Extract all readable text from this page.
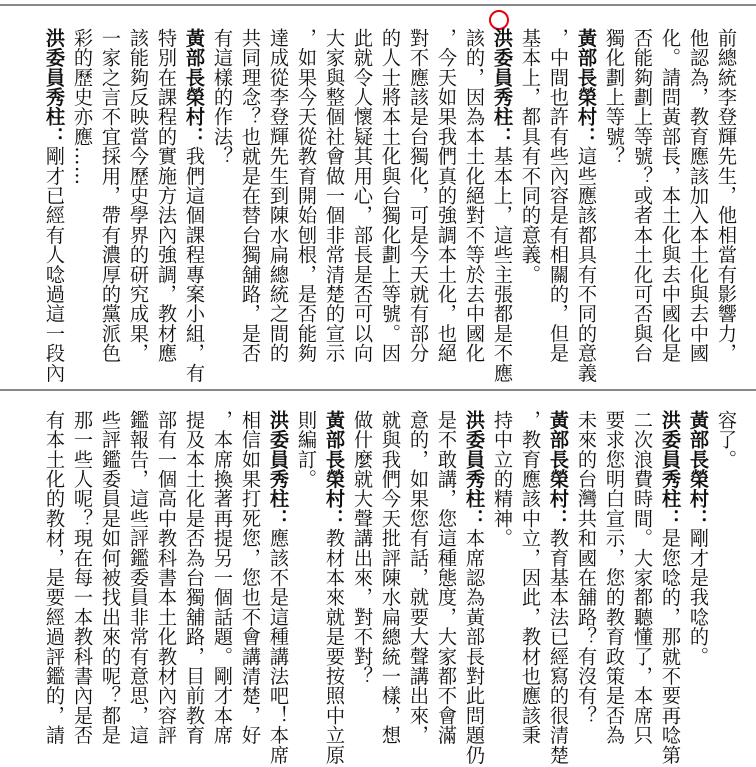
前總統李登輝先生，他相當有影響力，
他認為，教育應該加入本土化與去中國
化。請問黃部長，本土化與去中國化是
否能夠劃上等號？或者本土化可否與台
獨化劃上等號？
黃部長榮村：這些應該都具有不同的意義
，中間也許有些內容是有相關的，但是
基本上，都具有不同的意義。
洪委員秀柱：基本上，這些主張都是不應
該的，因為本土化絕對不等於去中國化
，今天如果我們真的強調本土化，也絕
對不應該是台獨化，可是今天就有部分
的人士將本土化與台獨化劃上等號。因
此就令人懷疑其用心，部長是否可以向
大家與整個社會做一個非常清楚的宣示
，如果今天從教育開始刨根，是否能夠
達成從李登輝先生到陳水扁總統之間的
共同理念？也就是在替台獨舖路，是否
有這樣的作法？
黃部長榮村：我們這個課程專案小組，有
特別在課程的實施方法內強調，教材應
該能夠反映當今歷史學界的研究成果，
一家之言不宜採用，帶有濃厚的黨派色
彩的歷史亦應……
洪委員秀柱：剛才已經有人唸過這一段內
容了。
黃部長榮村：剛才是我唸的。
洪委員秀柱：是您唸的，那就不要再唸第
二次浪費時間。大家都聽懂了，本席只
要求您明白宣示，您的教育政策是否為
未來的台灣共和國在舖路？有沒有？
黃部長榮村：教育基本法已經寫的很清楚
，教育應該中立，因此，教材也應該秉
持中立的精神。
洪委員秀柱：本席認為黃部長對此問題仍
是不敢講，您這種態度，大家都不會滿
意的，如果您有話，就要大聲講出來，
就與我們今天批評陳水扁總統一樣，想
做什麼就大聲講出來，對不對？
黃部長榮村：教材本來就是要按照中立原
則編訂。
洪委員秀柱：應該不是這種講法吧！本席
相信如果打死您，您也不會講清楚，好
，本席換著再提另一個話題。剛才本席
提及本土化是否為台獨舖路，目前教育
部有一個高中教科書本土化教材內容評
鑑報告，這些評鑑委員非常有意思，這
些評鑑委員是如何被找出來的呢？都是
那一些人呢？現在每一本教科書內是否
有本土化的教材，是要經過評鑑的，請
